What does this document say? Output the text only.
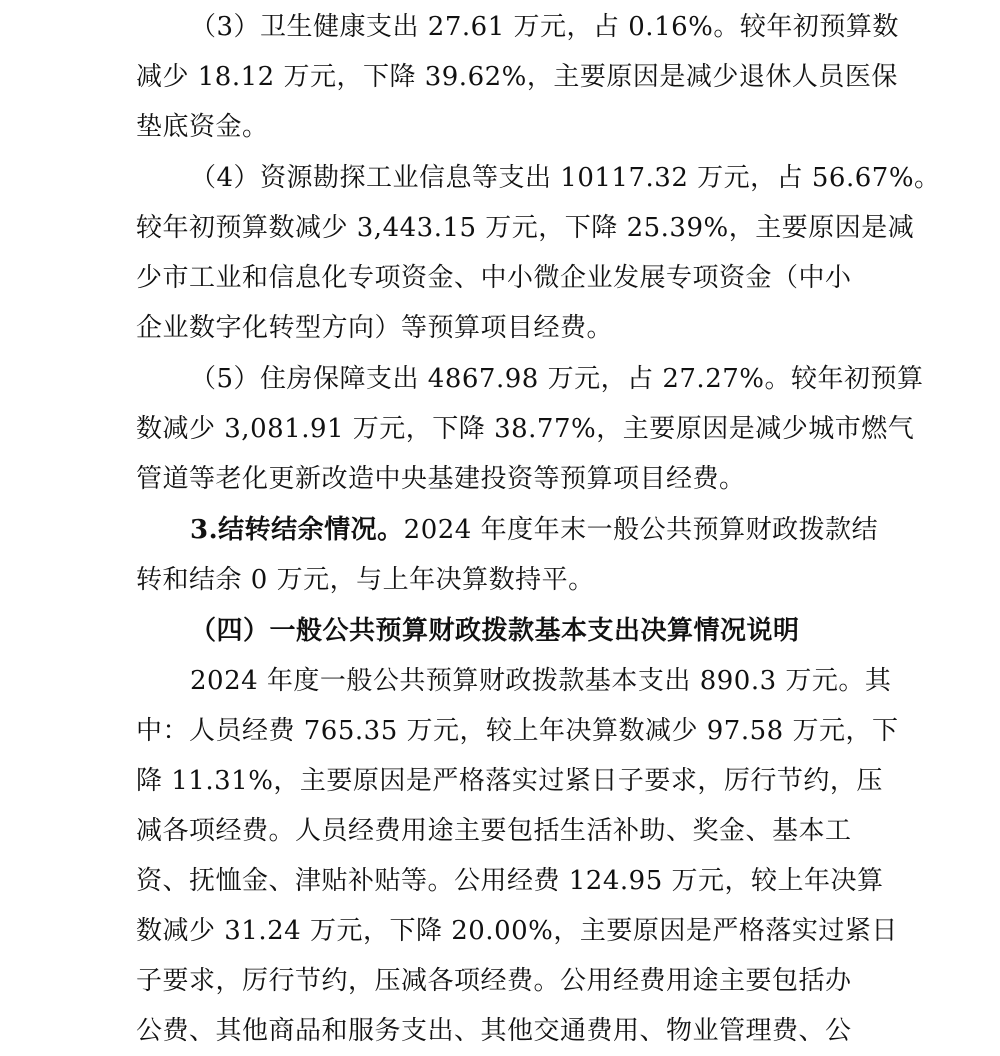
（3）卫生健康支出 27.61 万元，占 0.16%。较年初预算数
减少 18.12 万元，下降 39.62%，主要原因是减少退休人员医保
垫底资金。
（4）资源勘探工业信息等支出 10117.32 万元，占 56.67%。
较年初预算数减少 3,443.15 万元，下降 25.39%，主要原因是减
少市工业和信息化专项资金、中小微企业发展专项资金（中小
企业数字化转型方向）等预算项目经费。
（5）住房保障支出 4867.98 万元，占 27.27%。较年初预算
数减少 3,081.91 万元，下降 38.77%，主要原因是减少城市燃气
管道等老化更新改造中央基建投资等预算项目经费。
3.结转结余情况。2024 年度年末一般公共预算财政拨款结
转和结余 0 万元，与上年决算数持平。
（四）一般公共预算财政拨款基本支出决算情况说明
2024 年度一般公共预算财政拨款基本支出 890.3 万元。其
中：人员经费 765.35 万元，较上年决算数减少 97.58 万元，下
降 11.31%，主要原因是严格落实过紧日子要求，厉行节约，压
减各项经费。人员经费用途主要包括生活补助、奖金、基本工
资、抚恤金、津贴补贴等。公用经费 124.95 万元，较上年决算
数减少 31.24 万元，下降 20.00%，主要原因是严格落实过紧日
子要求，厉行节约，压减各项经费。公用经费用途主要包括办
公费、其他商品和服务支出、其他交通费用、物业管理费、公
